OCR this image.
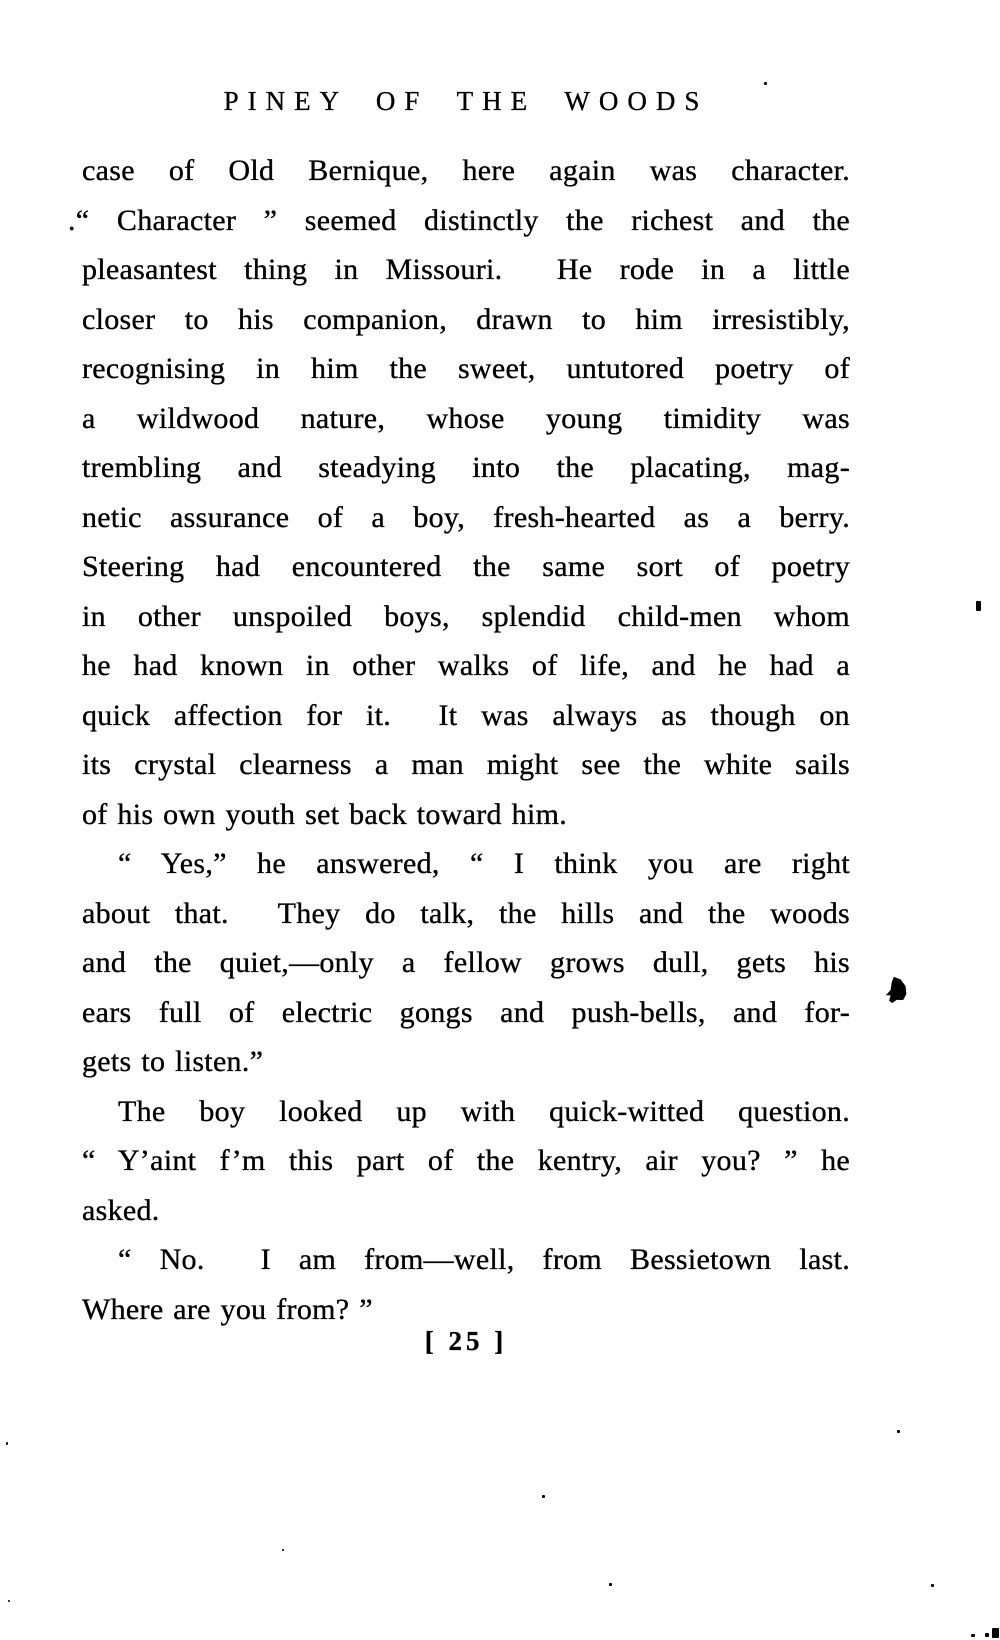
PINEY OF THE WOODS
case of Old Bernique, here again was character.
.“ Character ” seemed distinctly the richest and the
pleasantest thing in Missouri.  He rode in a little
closer to his companion, drawn to him irresistibly,
recognising in him the sweet, untutored poetry of
a wildwood nature, whose young timidity was
trembling and steadying into the placating, mag-
netic assurance of a boy, fresh-hearted as a berry.
Steering had encountered the same sort of poetry
in other unspoiled boys, splendid child-men whom
he had known in other walks of life, and he had a
quick affection for it.  It was always as though on
its crystal clearness a man might see the white sails
of his own youth set back toward him.
“ Yes,” he answered, “ I think you are right
about that.  They do talk, the hills and the woods
and the quiet,—only a fellow grows dull, gets his
ears full of electric gongs and push-bells, and for-
gets to listen.”
The boy looked up with quick-witted question.
“ Y’aint f’m this part of the kentry, air you? ” he
asked.
“ No.  I am from—well, from Bessietown last.
Where are you from? ”
[ 25 ]
